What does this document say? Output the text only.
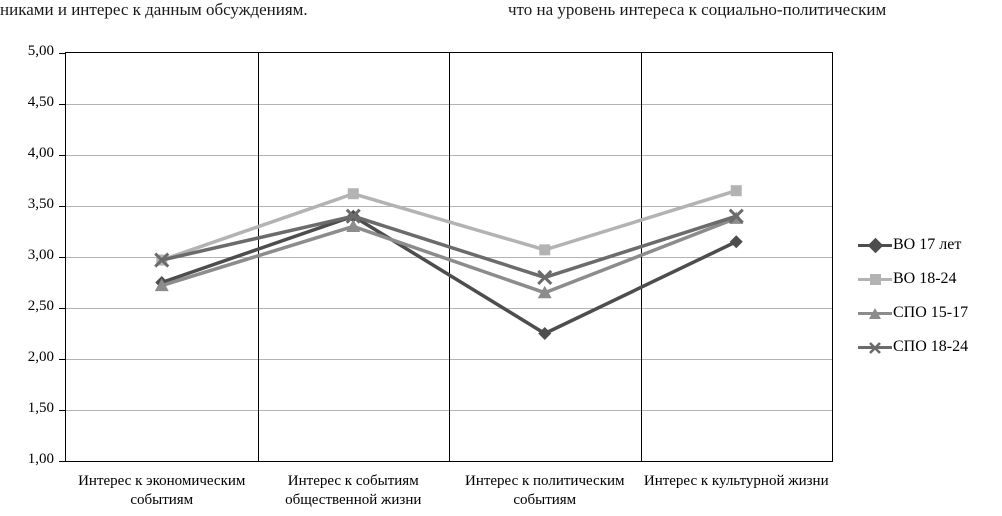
никами и интерес к данным обсуждениям.	что на уровень интереса к социально-политическим
1,00
1,50
2,00
2,50
3,00
3,50
4,00
4,50
5,00
Интерес к экономическим событиям
Интерес к событиям общественной жизни
Интерес к политическим событиям
Интерес к культурной жизни
ВО 17 лет
ВО 18-24
СПО 15-17
СПО 18-24
